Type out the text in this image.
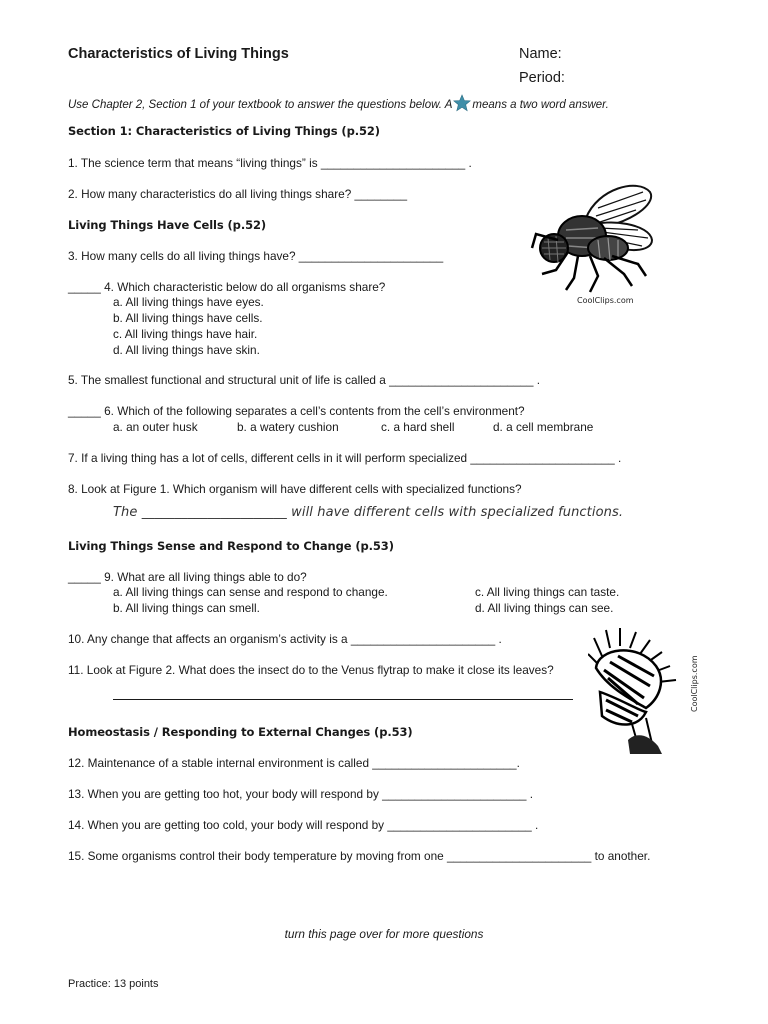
Characteristics of Living Things	Name:
Period:
Use Chapter 2, Section 1 of your textbook to answer the questions below. A means a two word answer.
Section 1: Characteristics of Living Things (p.52)
1. The science term that means “living things” is ______________________ .
2. How many characteristics do all living things share? ________
Living Things Have Cells (p.52)
3. How many cells do all living things have? ______________________
_____ 4. Which characteristic below do all organisms share?
a. All living things have eyes.
b. All living things have cells.
c. All living things have hair.
d. All living things have skin.
5. The smallest functional and structural unit of life is called a ______________________ .
_____ 6. Which of the following separates a cell’s contents from the cell’s environment?
a. an outer husk	b. a watery cushion	c. a hard shell	d. a cell membrane
7. If a living thing has a lot of cells, different cells in it will perform specialized ______________________ .
8. Look at Figure 1. Which organism will have different cells with specialized functions?
The ______________________ will have different cells with specialized functions.
Living Things Sense and Respond to Change (p.53)
_____ 9. What are all living things able to do?
a. All living things can sense and respond to change.
b. All living things can smell.
c. All living things can taste.
d. All living things can see.
10. Any change that affects an organism’s activity is a ______________________ .
11. Look at Figure 2. What does the insect do to the Venus flytrap to make it close its leaves?
Homeostasis / Responding to External Changes (p.53)
12. Maintenance of a stable internal environment is called ______________________.
13. When you are getting too hot, your body will respond by ______________________ .
14. When you are getting too cold, your body will respond by ______________________ .
15. Some organisms control their body temperature by moving from one ______________________ to another.
CoolClips.com
CoolClips.com
turn this page over for more questions
Practice: 13 points
